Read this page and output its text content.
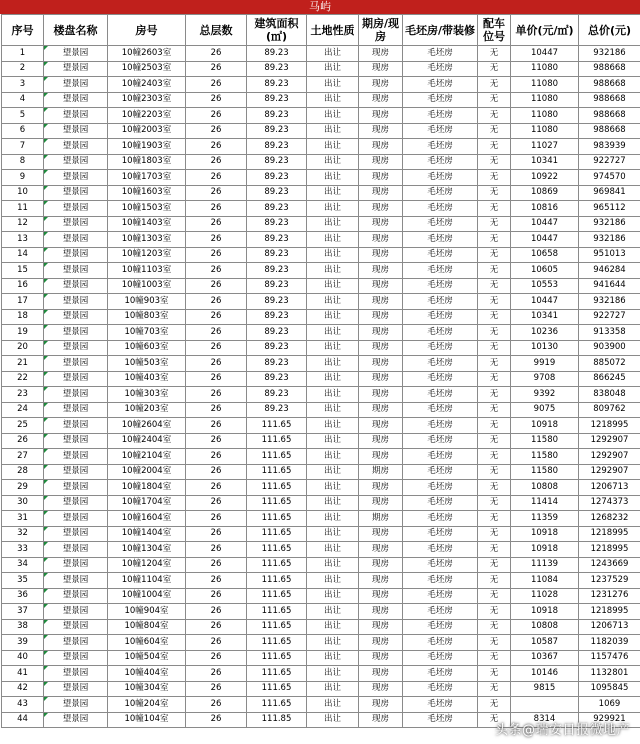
马屿
序号	楼盘名称	房号	总层数	建筑面积(㎡)	土地性质	期房/现房	毛坯房/带装修	配车位号	单价(元/㎡)	总价(元)
1	望景园	10幢2603室	26	89.23	出让	现房	毛坯房	无	10447	932186
2	望景园	10幢2503室	26	89.23	出让	现房	毛坯房	无	11080	988668
3	望景园	10幢2403室	26	89.23	出让	现房	毛坯房	无	11080	988668
4	望景园	10幢2303室	26	89.23	出让	现房	毛坯房	无	11080	988668
5	望景园	10幢2203室	26	89.23	出让	现房	毛坯房	无	11080	988668
6	望景园	10幢2003室	26	89.23	出让	现房	毛坯房	无	11080	988668
7	望景园	10幢1903室	26	89.23	出让	现房	毛坯房	无	11027	983939
8	望景园	10幢1803室	26	89.23	出让	现房	毛坯房	无	10341	922727
9	望景园	10幢1703室	26	89.23	出让	现房	毛坯房	无	10922	974570
10	望景园	10幢1603室	26	89.23	出让	现房	毛坯房	无	10869	969841
11	望景园	10幢1503室	26	89.23	出让	现房	毛坯房	无	10816	965112
12	望景园	10幢1403室	26	89.23	出让	现房	毛坯房	无	10447	932186
13	望景园	10幢1303室	26	89.23	出让	现房	毛坯房	无	10447	932186
14	望景园	10幢1203室	26	89.23	出让	现房	毛坯房	无	10658	951013
15	望景园	10幢1103室	26	89.23	出让	现房	毛坯房	无	10605	946284
16	望景园	10幢1003室	26	89.23	出让	现房	毛坯房	无	10553	941644
17	望景园	10幢903室	26	89.23	出让	现房	毛坯房	无	10447	932186
18	望景园	10幢803室	26	89.23	出让	现房	毛坯房	无	10341	922727
19	望景园	10幢703室	26	89.23	出让	现房	毛坯房	无	10236	913358
20	望景园	10幢603室	26	89.23	出让	现房	毛坯房	无	10130	903900
21	望景园	10幢503室	26	89.23	出让	现房	毛坯房	无	9919	885072
22	望景园	10幢403室	26	89.23	出让	现房	毛坯房	无	9708	866245
23	望景园	10幢303室	26	89.23	出让	现房	毛坯房	无	9392	838048
24	望景园	10幢203室	26	89.23	出让	现房	毛坯房	无	9075	809762
25	望景园	10幢2604室	26	111.65	出让	现房	毛坯房	无	10918	1218995
26	望景园	10幢2404室	26	111.65	出让	现房	毛坯房	无	11580	1292907
27	望景园	10幢2104室	26	111.65	出让	现房	毛坯房	无	11580	1292907
28	望景园	10幢2004室	26	111.65	出让	期房	毛坯房	无	11580	1292907
29	望景园	10幢1804室	26	111.65	出让	现房	毛坯房	无	10808	1206713
30	望景园	10幢1704室	26	111.65	出让	现房	毛坯房	无	11414	1274373
31	望景园	10幢1604室	26	111.65	出让	期房	毛坯房	无	11359	1268232
32	望景园	10幢1404室	26	111.65	出让	现房	毛坯房	无	10918	1218995
33	望景园	10幢1304室	26	111.65	出让	现房	毛坯房	无	10918	1218995
34	望景园	10幢1204室	26	111.65	出让	现房	毛坯房	无	11139	1243669
35	望景园	10幢1104室	26	111.65	出让	现房	毛坯房	无	11084	1237529
36	望景园	10幢1004室	26	111.65	出让	现房	毛坯房	无	11028	1231276
37	望景园	10幢904室	26	111.65	出让	现房	毛坯房	无	10918	1218995
38	望景园	10幢804室	26	111.65	出让	现房	毛坯房	无	10808	1206713
39	望景园	10幢604室	26	111.65	出让	现房	毛坯房	无	10587	1182039
40	望景园	10幢504室	26	111.65	出让	现房	毛坯房	无	10367	1157476
41	望景园	10幢404室	26	111.65	出让	现房	毛坯房	无	10146	1132801
42	望景园	10幢304室	26	111.65	出让	现房	毛坯房	无	9815	1095845
43	望景园	10幢204室	26	111.65	出让	现房	毛坯房	无		1069
44	望景园	10幢104室	26	111.85	出让	现房	毛坯房	无	8314	929921
头条@瑞安日报微地产
